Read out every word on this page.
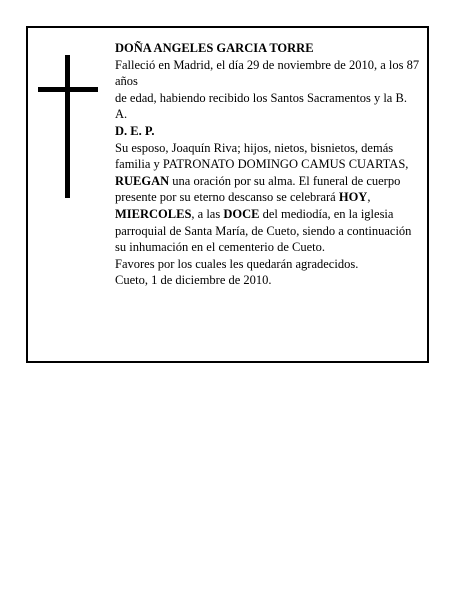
DOÑA ANGELES GARCIA TORRE

Falleció en Madrid, el día 29 de noviembre de 2010, a los 87 años

de edad, habiendo recibido los Santos Sacramentos y la B. A.

D. E. P.

Su esposo, Joaquín Riva; hijos, nietos, bisnietos, demás familia y PATRONATO DOMINGO CAMUS CUARTAS,

RUEGAN una oración por su alma. El funeral de cuerpo presente por su eterno descanso se celebrará HOY, MIERCOLES, a las DOCE del mediodía, en la iglesia parroquial de Santa María, de Cueto, siendo a continuación su inhumación en el cementerio de Cueto.

Favores por los cuales les quedarán agradecidos.

Cueto, 1 de diciembre de 2010.
